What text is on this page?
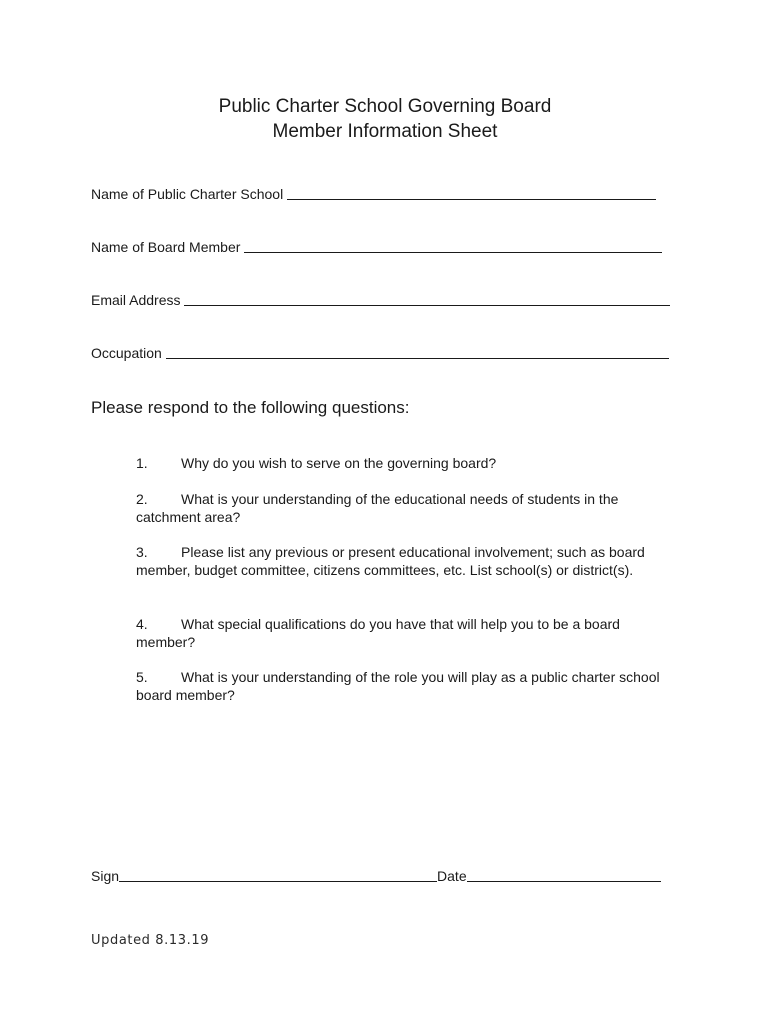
Public Charter School Governing Board
Member Information Sheet
Name of Public Charter School
Name of Board Member
Email Address
Occupation
Please respond to the following questions:
1. Why do you wish to serve on the governing board?
2. What is your understanding of the educational needs of students in the catchment area?
3. Please list any previous or present educational involvement; such as board member, budget committee, citizens committees, etc. List school(s) or district(s).
4. What special qualifications do you have that will help you to be a board member?
5. What is your understanding of the role you will play as a public charter school board member?
Sign	Date
Updated 8.13.19
